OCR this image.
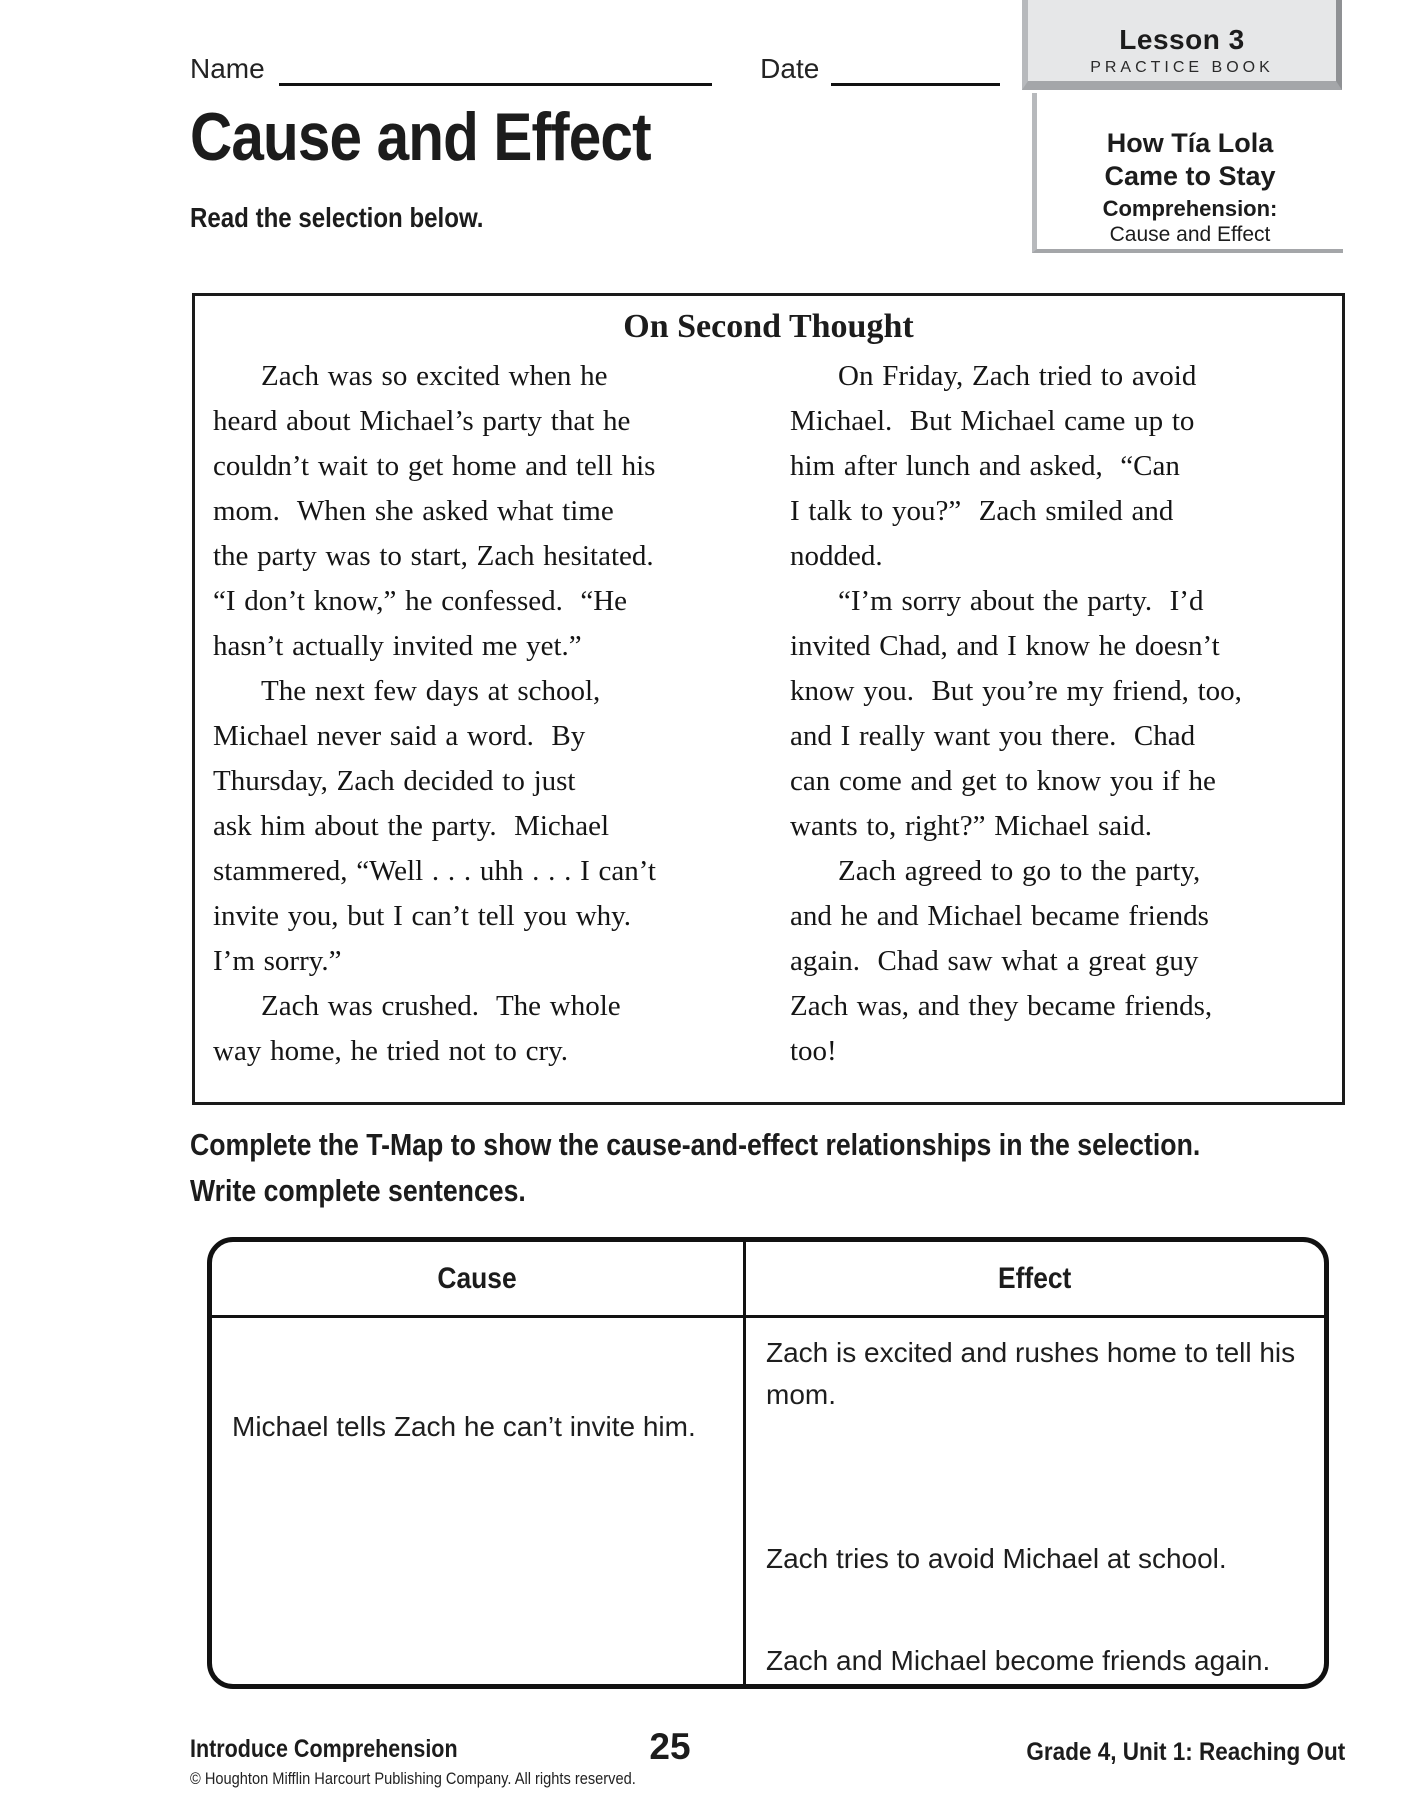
Lesson 3
PRACTICE BOOK
How Tía Lola
Came to Stay
Comprehension:
Cause and Effect
Name	Date
Cause and Effect
Read the selection below.
On Second Thought
Zach was so excited when he
heard about Michael’s party that he
couldn’t wait to get home and tell his
mom.  When she asked what time
the party was to start, Zach hesitated.
“I don’t know,” he confessed.  “He
hasn’t actually invited me yet.”
The next few days at school,
Michael never said a word.  By
Thursday, Zach decided to just
ask him about the party.  Michael
stammered, “Well . . . uhh . . . I can’t
invite you, but I can’t tell you why.
I’m sorry.”
Zach was crushed.  The whole
way home, he tried not to cry.
On Friday, Zach tried to avoid
Michael.  But Michael came up to
him after lunch and asked,  “Can
I talk to you?”  Zach smiled and
nodded.
“I’m sorry about the party.  I’d
invited Chad, and I know he doesn’t
know you.  But you’re my friend, too,
and I really want you there.  Chad
can come and get to know you if he
wants to, right?” Michael said.
Zach agreed to go to the party,
and he and Michael became friends
again.  Chad saw what a great guy
Zach was, and they became friends,
too!
Complete the T-Map to show the cause-and-effect relationships in the selection.
Write complete sentences.
Cause
Michael tells Zach he can’t invite him.
Effect
Zach is excited and rushes home to tell his mom.
Zach tries to avoid Michael at school.
Zach and Michael become friends again.
Introduce Comprehension
© Houghton Mifflin Harcourt Publishing Company. All rights reserved.
25	Grade 4, Unit 1: Reaching Out
